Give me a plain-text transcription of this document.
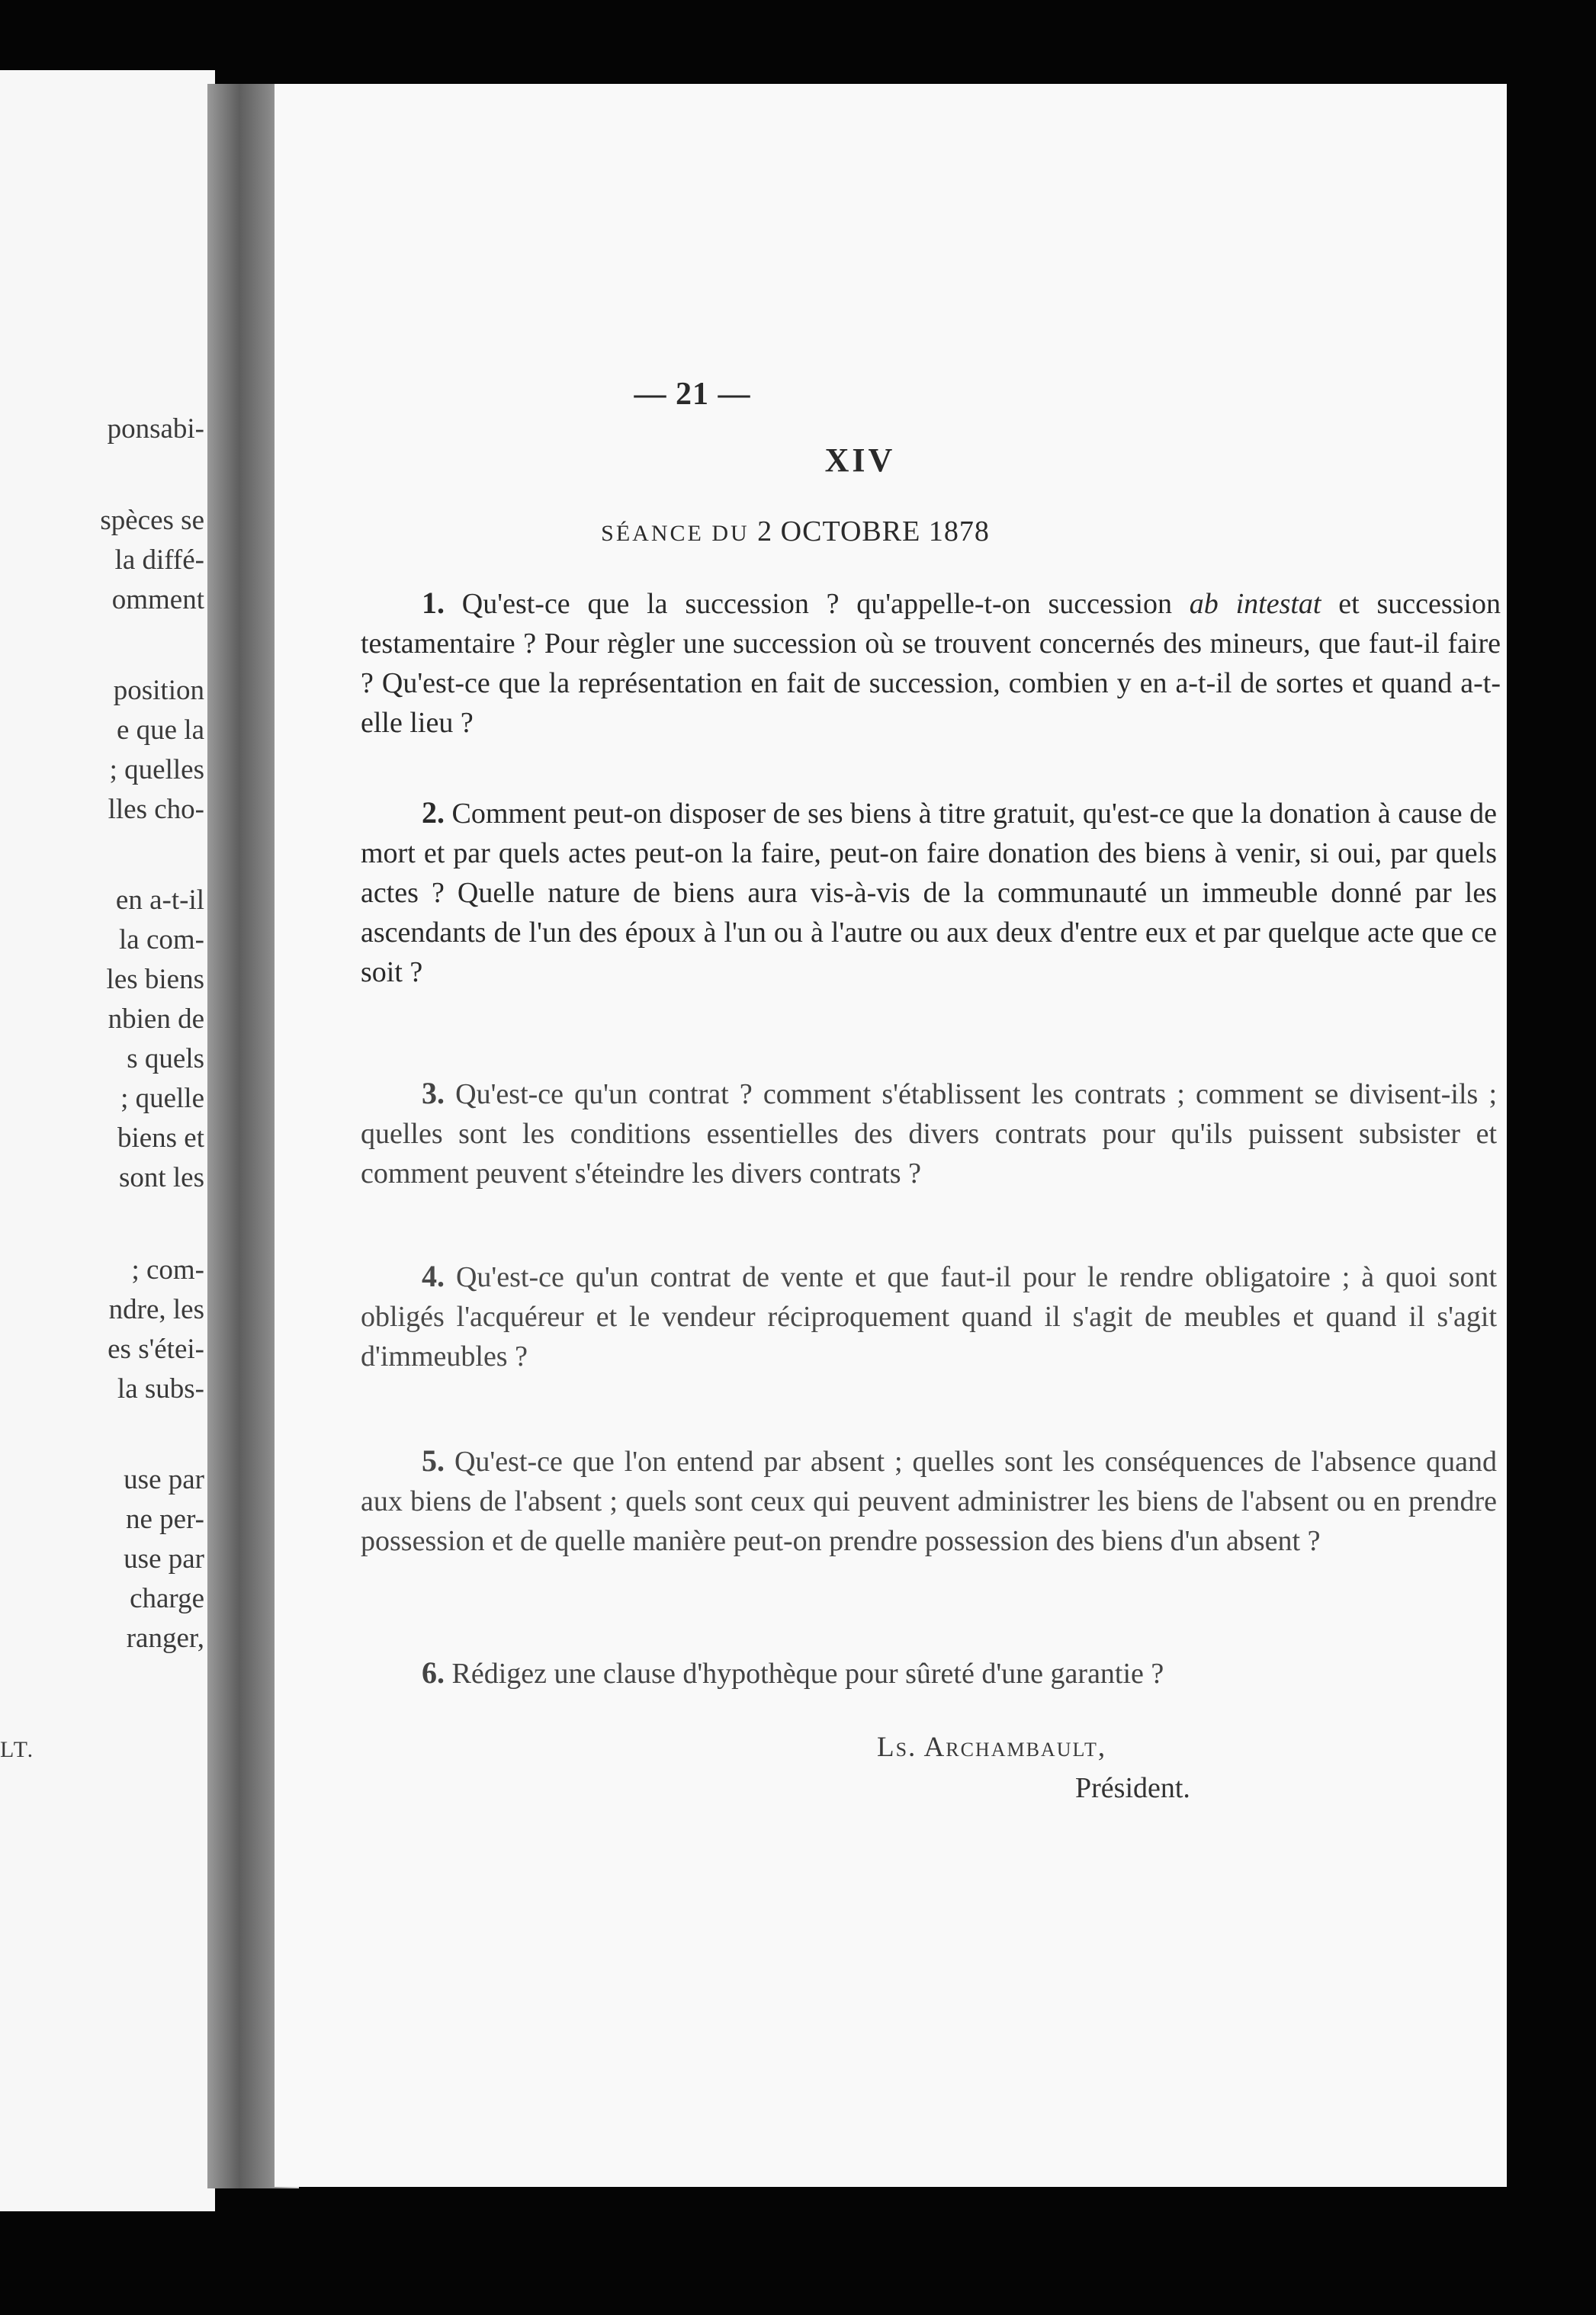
ponsabi-
spèces se
la diffé-
omment
position
e que la
; quelles
lles cho-
en a-t-il
la com-
les biens
nbien de
s quels
; quelle
biens et
sont les
; com-
ndre, les
es s'étei-
la subs-
use par
ne per-
use par
charge
ranger,
LT.
— 21 —
XIV
SÉANCE DU 2 OCTOBRE 1878

1. Qu'est-ce que la succession ? qu'appelle-t-on succession ab intestat et succession testamentaire ? Pour règler une succession où se trouvent concernés des mineurs, que faut-il faire ? Qu'est-ce que la représentation en fait de succession, combien y en a-t-il de sortes et quand a-t-elle lieu ?

2. Comment peut-on disposer de ses biens à titre gratuit, qu'est-ce que la donation à cause de mort et par quels actes peut-on la faire, peut-on faire donation des biens à venir, si oui, par quels actes ? Quelle nature de biens aura vis-à-vis de la communauté un immeuble donné par les ascendants de l'un des époux à l'un ou à l'autre ou aux deux d'entre eux et par quelque acte que ce soit ?

3. Qu'est-ce qu'un contrat ? comment s'établissent les contrats ; comment se divisent-ils ; quelles sont les conditions essentielles des divers contrats pour qu'ils puissent subsister et comment peuvent s'éteindre les divers contrats ?

4. Qu'est-ce qu'un contrat de vente et que faut-il pour le rendre obligatoire ; à quoi sont obligés l'acquéreur et le vendeur réciproquement quand il s'agit de meubles et quand il s'agit d'immeubles ?

5. Qu'est-ce que l'on entend par absent ; quelles sont les conséquences de l'absence quand aux biens de l'absent ; quels sont ceux qui peuvent administrer les biens de l'absent ou en prendre possession et de quelle manière peut-on prendre possession des biens d'un absent ?

6. Rédigez une clause d'hypothèque pour sûreté d'une garantie ?

Ls. Archambault,
Président.
